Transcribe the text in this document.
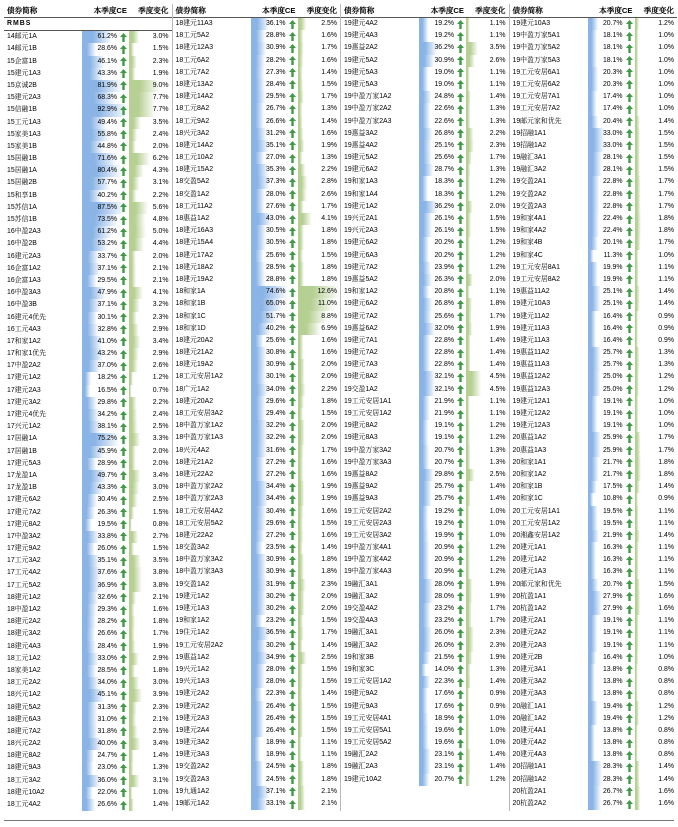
债券简称	本季度CE	季度变化
RMBS
14邮元1A	61.2%	3.0%
14邮元1B	28.6%	1.5%
15企富1B	46.1%	2.3%
15建元1A3	43.3%	1.9%
15京诚2B	81.9%	9.0%
15建元2A3	68.3%	7.7%
15信融1B	92.9%	7.7%
15工元1A3	49.4%	3.5%
15家美1A3	55.8%	2.4%
15家美1B	44.8%	2.0%
15居融1B	71.6%	6.2%
15居融1A	80.4%	4.3%
15居融2B	57.7%	3.1%
15和享1B	40.2%	2.2%
15苏信1A	87.5%	5.6%
15苏信1B	73.5%	4.8%
16中盈2A3	61.2%	5.0%
16中盈2B	53.2%	4.4%
16建元2A3	33.7%	2.0%
16企富1A2	37.1%	2.1%
16企富1A3	29.5%	2.1%
16中盈3A3	47.9%	4.1%
16中盈3B	37.1%	3.2%
16建元4优先	30.1%	2.3%
16工元4A3	32.8%	2.9%
17和家1A2	41.0%	3.4%
17和家1优先	43.2%	2.9%
17中盈2A2	37.0%	2.6%
17建元1A2	18.2%	1.2%
17建元2A3	16.5%	0.7%
17建元3A2	29.8%	2.2%
17建元4优先	34.2%	2.4%
17兴元1A2	38.1%	2.5%
17居融1A	75.2%	3.3%
17居融1B	45.9%	2.0%
17建元5A3	28.9%	2.0%
17龙盈1A	49.7%	3.4%
17龙盈1B	43.3%	3.0%
17建元6A2	30.4%	2.5%
17建元7A2	26.3%	1.5%
17建元8A2	19.5%	0.8%
17中盈3A2	33.8%	2.7%
17建元9A2	26.0%	1.5%
17工元3A2	35.1%	3.5%
17工元4A2	37.6%	3.8%
17工元5A2	36.9%	3.8%
18建元1A2	32.6%	2.1%
18中盈1A2	29.3%	1.6%
18建元2A2	28.2%	1.8%
18建元3A2	26.6%	1.7%
18建元4A3	28.4%	1.9%
18工元1A2	33.0%	2.9%
18家美1A2	28.5%	1.8%
18工元2A2	34.0%	3.0%
18兴元1A2	45.1%	3.9%
18建元5A2	31.3%	2.3%
18建元6A3	31.0%	2.1%
18建元7A2	31.8%	2.5%
18兴元2A2	40.0%	3.4%
18建元8A2	24.7%	1.4%
18建元9A3	23.0%	1.3%
18工元3A2	36.0%	3.1%
18建元10A2	22.0%	1.0%
18工元4A2	26.6%	1.4%
债券简称	本季度CE	季度变化
18建元11A3	36.1%	2.5%
18工元5A2	28.8%	1.6%
18建元12A3	30.9%	1.7%
18工元6A2	28.2%	1.6%
18工元7A2	27.3%	1.4%
18建元13A2	28.4%	1.5%
18建元14A2	29.5%	1.7%
18工元8A2	26.7%	1.3%
18工元9A2	26.6%	1.4%
18兴元3A2	31.2%	1.6%
18建元14A2	35.1%	1.9%
18工元10A2	27.0%	1.3%
18建元15A2	35.3%	2.2%
18交盈5A2	37.3%	2.8%
18交盈1A2	28.0%	2.6%
18工元11A2	27.6%	1.7%
18惠益1A2	43.0%	4.1%
18建元16A3	30.5%	1.8%
18建元15A4	30.5%	1.8%
18建元17A2	25.6%	1.5%
18建元18A2	28.5%	1.8%
18建元19A2	28.8%	1.8%
18和家1A	74.6%	12.6%
18和家1B	65.0%	11.0%
18和家1C	51.7%	8.8%
18和家1D	40.2%	6.9%
18建元20A2	25.6%	1.6%
18建元21A2	30.8%	1.6%
18建元19A2	30.9%	2.0%
18工元安居1A2	30.1%	2.0%
18广元1A2	34.0%	2.2%
18建元20A2	29.6%	1.8%
18工元安居3A2	29.4%	1.5%
18中盈万家1A2	32.2%	2.0%
18中盈万家1A3	32.2%	2.0%
18兴元4A2	31.6%	1.7%
18建元21A2	27.2%	1.6%
18建元22A2	27.2%	1.6%
18中盈万家2A2	34.4%	1.9%
18中盈万家2A3	34.4%	1.9%
18工元安居4A2	30.4%	1.6%
18工元安居5A2	29.6%	1.5%
18建元22A2	27.2%	1.6%
18交盈3A2	23.5%	1.4%
18中盈万家3A2	30.9%	1.8%
18中盈万家3A3	30.9%	1.8%
19交盈1A2	31.9%	2.3%
19建元1A2	30.2%	2.0%
19建元1A3	30.2%	2.0%
19和家1A2	23.2%	1.5%
19住元1A2	36.5%	1.7%
19工元安居2A2	30.2%	1.4%
19惠益1A2	34.9%	2.5%
19兴元1A2	28.0%	1.5%
19兴元1A3	28.0%	1.5%
19建元2A2	22.3%	1.4%
19建元2A2	26.4%	1.5%
19建元2A3	26.4%	1.5%
19建元2A4	26.4%	1.5%
19建元3A2	18.9%	1.1%
19建元3A3	18.9%	1.1%
19交盈2A2	24.5%	1.8%
19交盈2A3	24.5%	1.8%
19九通1A2	37.1%	2.1%
19邮元1A2	33.1%	2.1%
债券简称	本季度CE	季度变化
19建元4A2	19.2%	1.1%
19建元4A3	19.2%	1.1%
19惠益2A2	36.2%	3.5%
19建元5A2	30.9%	2.6%
19建元5A3	19.0%	1.1%
19建元5A3	19.0%	1.1%
19中盈万家1A2	24.8%	1.4%
19中盈万家2A2	22.6%	1.3%
19中盈万家2A3	22.6%	1.3%
19惠益3A2	26.8%	2.2%
19惠益4A2	25.1%	2.3%
19建元5A2	25.6%	1.7%
19建元6A2	28.7%	1.3%
19和家1A3	18.3%	1.2%
19和家1A4	18.3%	1.2%
19建元1A2	36.2%	2.0%
19兴元2A1	26.1%	1.5%
19兴元2A3	26.1%	1.5%
19建元6A2	20.2%	1.2%
19建元6A3	20.2%	1.2%
19建元7A2	23.9%	1.2%
19惠益5A2	26.3%	2.0%
19和家1A2	20.8%	1.1%
19建元6A2	26.8%	1.8%
19建元7A2	25.6%	1.7%
19惠益6A2	32.0%	1.9%
19建元7A1	22.8%	1.4%
19建元7A2	22.8%	1.4%
19建元7A3	22.8%	1.4%
19建元8A2	32.1%	4.5%
19交盈1A2	32.1%	4.5%
19工元安居1A1	21.9%	1.1%
19工元安居1A2	21.9%	1.1%
19建元8A2	19.1%	1.2%
19建元8A3	19.1%	1.2%
19中盈万家3A2	20.7%	1.3%
19中盈万家3A3	20.7%	1.3%
19惠益8A2	29.8%	2.5%
19惠益9A2	25.7%	1.4%
19惠益9A3	25.7%	1.4%
19工元安居2A2	19.2%	1.0%
19工元安居2A3	19.2%	1.0%
19工元安居3A2	19.9%	1.0%
19中盈万家4A1	20.9%	1.2%
19中盈万家4A2	20.9%	1.2%
19中盈万家4A3	20.9%	1.2%
19融汇3A1	28.0%	1.9%
19融汇3A2	28.0%	1.9%
19交盈4A2	23.2%	1.7%
19交盈4A3	23.2%	1.7%
19融汇3A1	26.0%	2.3%
19融汇3A2	26.0%	2.3%
19和家3B	21.5%	1.9%
19和家3C	14.0%	1.3%
19工元安居1A2	22.3%	1.4%
19建元9A2	17.6%	0.9%
19建元9A3	17.6%	0.9%
19工元安居4A1	18.9%	1.0%
19工元安居5A1	19.6%	1.0%
19工元安居5A2	19.6%	1.0%
19融汇2A2	23.1%	1.4%
19融汇2A3	23.1%	1.4%
19建元10A2	20.7%	1.2%
债券简称	本季度CE	季度变化
19建元10A3	20.7%	1.2%
19中盈万家5A1	18.1%	1.0%
19中盈万家5A2	18.1%	1.0%
19中盈万家5A3	18.1%	1.0%
19工元安居6A1	20.3%	1.0%
19工元安居6A2	20.3%	1.0%
19工元安居7A1	17.4%	1.0%
19工元安居7A2	17.4%	1.0%
19邮元家和优先	20.4%	1.4%
19招融1A1	33.0%	1.5%
19招融1A2	33.0%	1.5%
19融汇3A1	28.1%	1.5%
19融汇3A2	28.1%	1.5%
19交盈2A1	22.8%	1.7%
19交盈2A2	22.8%	1.7%
19交盈2A3	22.8%	1.7%
19和家4A1	22.4%	1.8%
19和家4A2	22.4%	1.8%
19和家4B	20.1%	1.7%
19和家4C	11.3%	1.0%
19工元安居8A1	19.9%	1.1%
19工元安居8A2	19.9%	1.1%
19惠益11A2	25.1%	1.4%
19建元10A3	25.1%	1.4%
19建元11A2	16.4%	0.9%
19建元11A3	16.4%	0.9%
19建元11A3	16.4%	0.9%
19惠益11A2	25.7%	1.3%
19惠益11A3	25.7%	1.3%
19惠益12A2	25.0%	1.2%
19惠益12A3	25.0%	1.2%
19建元12A1	19.1%	1.0%
19建元12A2	19.1%	1.0%
19建元12A3	19.1%	1.0%
20惠益1A2	25.9%	1.7%
20惠益1A3	25.9%	1.7%
20和家1A1	21.7%	1.8%
20和家1A2	21.7%	1.8%
20和家1B	17.5%	1.4%
20和家1C	10.8%	0.9%
20工元安居1A1	19.5%	1.1%
20工元安居1A2	19.5%	1.1%
20湘鑫安居1A2	21.9%	1.4%
20建元1A1	16.3%	1.1%
20建元1A2	16.3%	1.1%
20建元1A3	16.3%	1.1%
20邮元家和优先	20.7%	1.5%
20杭盈1A1	27.9%	1.6%
20杭盈1A2	27.9%	1.6%
20建元2A1	19.1%	1.1%
20建元2A2	19.1%	1.1%
20建元2A3	19.1%	1.1%
20建元2B	16.4%	1.0%
20建元3A1	13.8%	0.8%
20建元3A2	13.8%	0.8%
20建元3A3	13.8%	0.8%
20融汇1A1	19.4%	1.2%
20融汇1A2	19.4%	1.2%
20建元4A1	13.8%	0.8%
20建元4A2	13.8%	0.8%
20建元4A3	13.8%	0.8%
20招融1A1	28.3%	1.4%
20招融1A2	28.3%	1.4%
20杭盈2A1	26.7%	1.6%
20杭盈2A2	26.7%	1.6%
